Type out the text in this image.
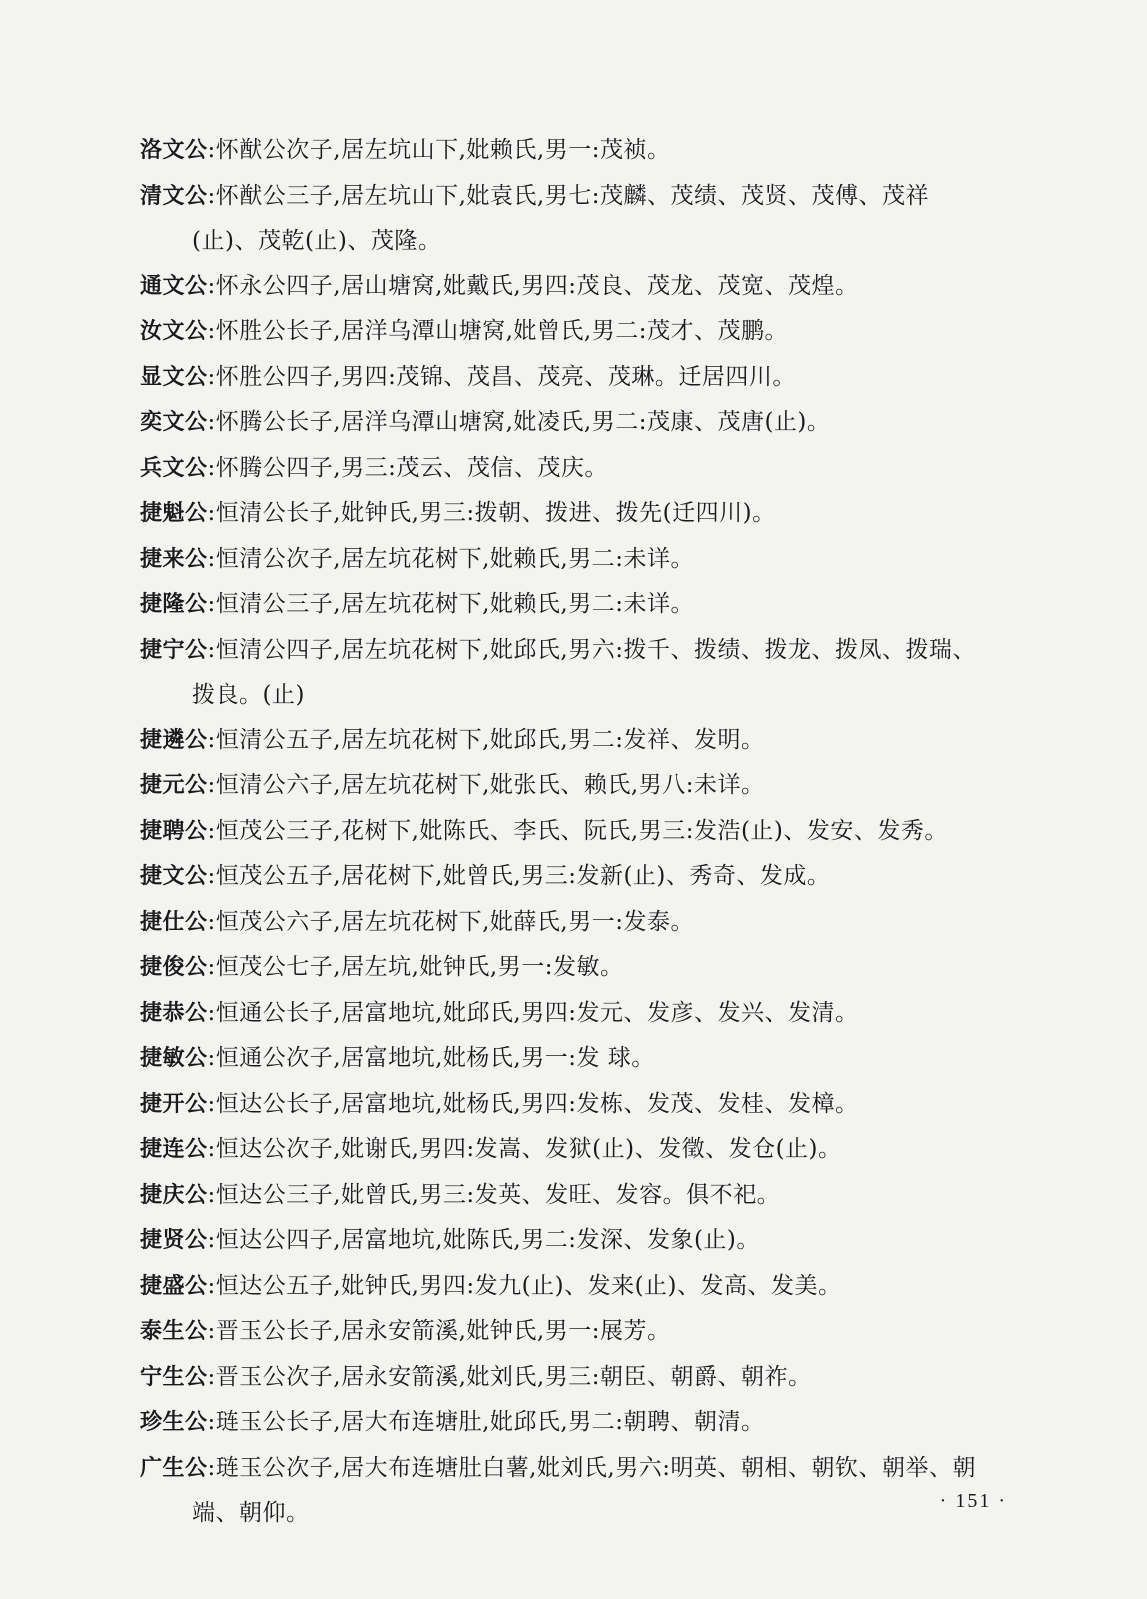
洛文公:怀猷公次子,居左坑山下,妣赖氏,男一:茂祯。
清文公:怀猷公三子,居左坑山下,妣袁氏,男七:茂麟、茂绩、茂贤、茂傅、茂祥
(止)、茂乾(止)、茂隆。
通文公:怀永公四子,居山塘窝,妣戴氏,男四:茂良、茂龙、茂宽、茂煌。
汝文公:怀胜公长子,居洋乌潭山塘窝,妣曾氏,男二:茂才、茂鹏。
显文公:怀胜公四子,男四:茂锦、茂昌、茂亮、茂琳。迁居四川。
奕文公:怀腾公长子,居洋乌潭山塘窝,妣凌氏,男二:茂康、茂唐(止)。
兵文公:怀腾公四子,男三:茂云、茂信、茂庆。
捷魁公:恒清公长子,妣钟氏,男三:拨朝、拨进、拨先(迁四川)。
捷来公:恒清公次子,居左坑花树下,妣赖氏,男二:未详。
捷隆公:恒清公三子,居左坑花树下,妣赖氏,男二:未详。
捷宁公:恒清公四子,居左坑花树下,妣邱氏,男六:拨千、拨绩、拨龙、拨凤、拨瑞、
拨良。(止)
捷遴公:恒清公五子,居左坑花树下,妣邱氏,男二:发祥、发明。
捷元公:恒清公六子,居左坑花树下,妣张氏、赖氏,男八:未详。
捷聘公:恒茂公三子,花树下,妣陈氏、李氏、阮氏,男三:发浩(止)、发安、发秀。
捷文公:恒茂公五子,居花树下,妣曾氏,男三:发新(止)、秀奇、发成。
捷仕公:恒茂公六子,居左坑花树下,妣薛氏,男一:发泰。
捷俊公:恒茂公七子,居左坑,妣钟氏,男一:发敏。
捷恭公:恒通公长子,居富地坑,妣邱氏,男四:发元、发彦、发兴、发清。
捷敏公:恒通公次子,居富地坑,妣杨氏,男一:发 球。
捷开公:恒达公长子,居富地坑,妣杨氏,男四:发栋、发茂、发桂、发樟。
捷连公:恒达公次子,妣谢氏,男四:发嵩、发狱(止)、发徵、发仓(止)。
捷庆公:恒达公三子,妣曾氏,男三:发英、发旺、发容。俱不祀。
捷贤公:恒达公四子,居富地坑,妣陈氏,男二:发深、发象(止)。
捷盛公:恒达公五子,妣钟氏,男四:发九(止)、发来(止)、发高、发美。
泰生公:晋玉公长子,居永安箭溪,妣钟氏,男一:展芳。
宁生公:晋玉公次子,居永安箭溪,妣刘氏,男三:朝臣、朝爵、朝祚。
珍生公:琏玉公长子,居大布连塘肚,妣邱氏,男二:朝聘、朝清。
广生公:琏玉公次子,居大布连塘肚白薯,妣刘氏,男六:明英、朝相、朝钦、朝举、朝
端、朝仰。	· 151 ·
